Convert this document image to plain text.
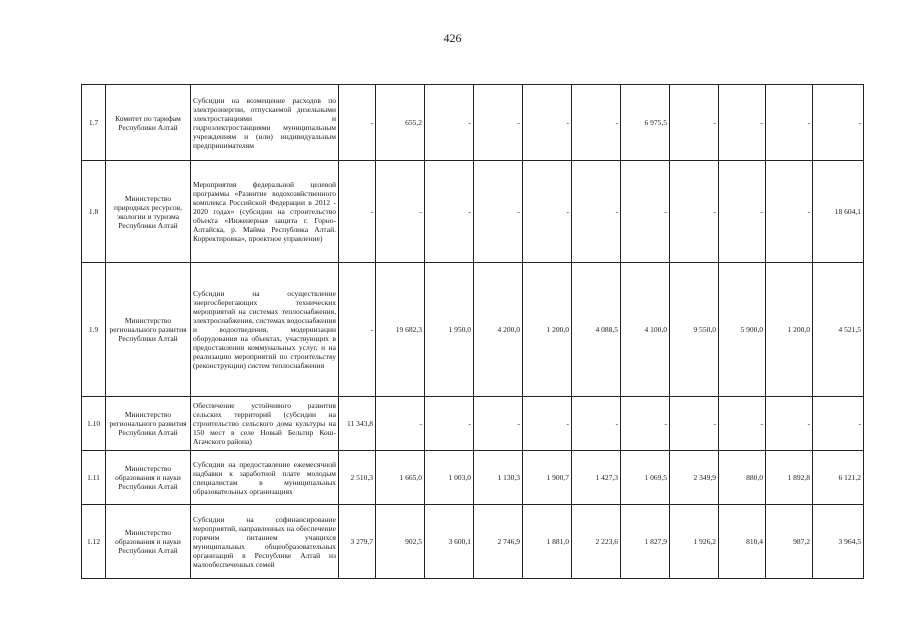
426
1.7	Комитет по тарифам Республики Алтай	Субсидии на возмещение расходов по электроэнергии, отпускаемой дизельными электростанциями и гидроэлектростанциями муниципальным учреждениям и (или) индивидуальным предпринимателям	-	655,2	-	-	-	-	6 975,5	-	-	-	-
1.8	Министерство природных ресурсов, экологии и туризма Республики Алтай	Мероприятия федеральной целевой программы «Развитие водохозяйственного комплекса Российской Федерации в 2012 - 2020 годах» (субсидии на строительство объекта «Инженерная защита г. Горно-Алтайска, р. Майма Республика Алтай. Корректировка», проектное управление)	-	-	-	-	-	-	-	-	-	-	18 604,1
1.9	Министерство регионального развития Республики Алтай	Субсидии на осуществление энергосберегающих технических мероприятий на системах теплоснабжения, электроснабжения, системах водоснабжения и водоотведения, модернизации оборудования на объектах, участвующих в предоставлении коммунальных услуг, и на реализацию мероприятий по строительству (реконструкции) систем теплоснабжения	-	19 682,3	1 950,0	4 200,0	1 200,0	4 088,5	4 100,0	9 550,0	5 900,0	1 200,0	4 521,5
1.10	Министерство регионального развития Республики Алтай	Обеспечение устойчивого развития сельских территорий (субсидии на строительство сельского дома культуры на 150 мест в селе Новый Бельтир Кош-Агачского района)	11 343,8	-	-	-	-	-	-	-	-	-	-
1.11	Министерство образования и науки Республики Алтай	Субсидии на предоставление ежемесячной надбавки к заработной плате молодым специалистам в муниципальных образовательных организациях	2 510,3	1 665,0	1 003,0	1 130,3	1 900,7	1 427,3	1 069,5	2 349,9	880,0	1 892,8	6 121,2
1.12	Министерство образования и науки Республики Алтай	Субсидии на софинансирование мероприятий, направленных на обеспечение горячим питанием учащихся муниципальных общеобразовательных организаций в Республике Алтай из малообеспеченных семей	3 279,7	902,5	3 600,1	2 746,9	1 881,0	2 223,6	1 827,9	1 926,2	810,4	987,2	3 964,5
